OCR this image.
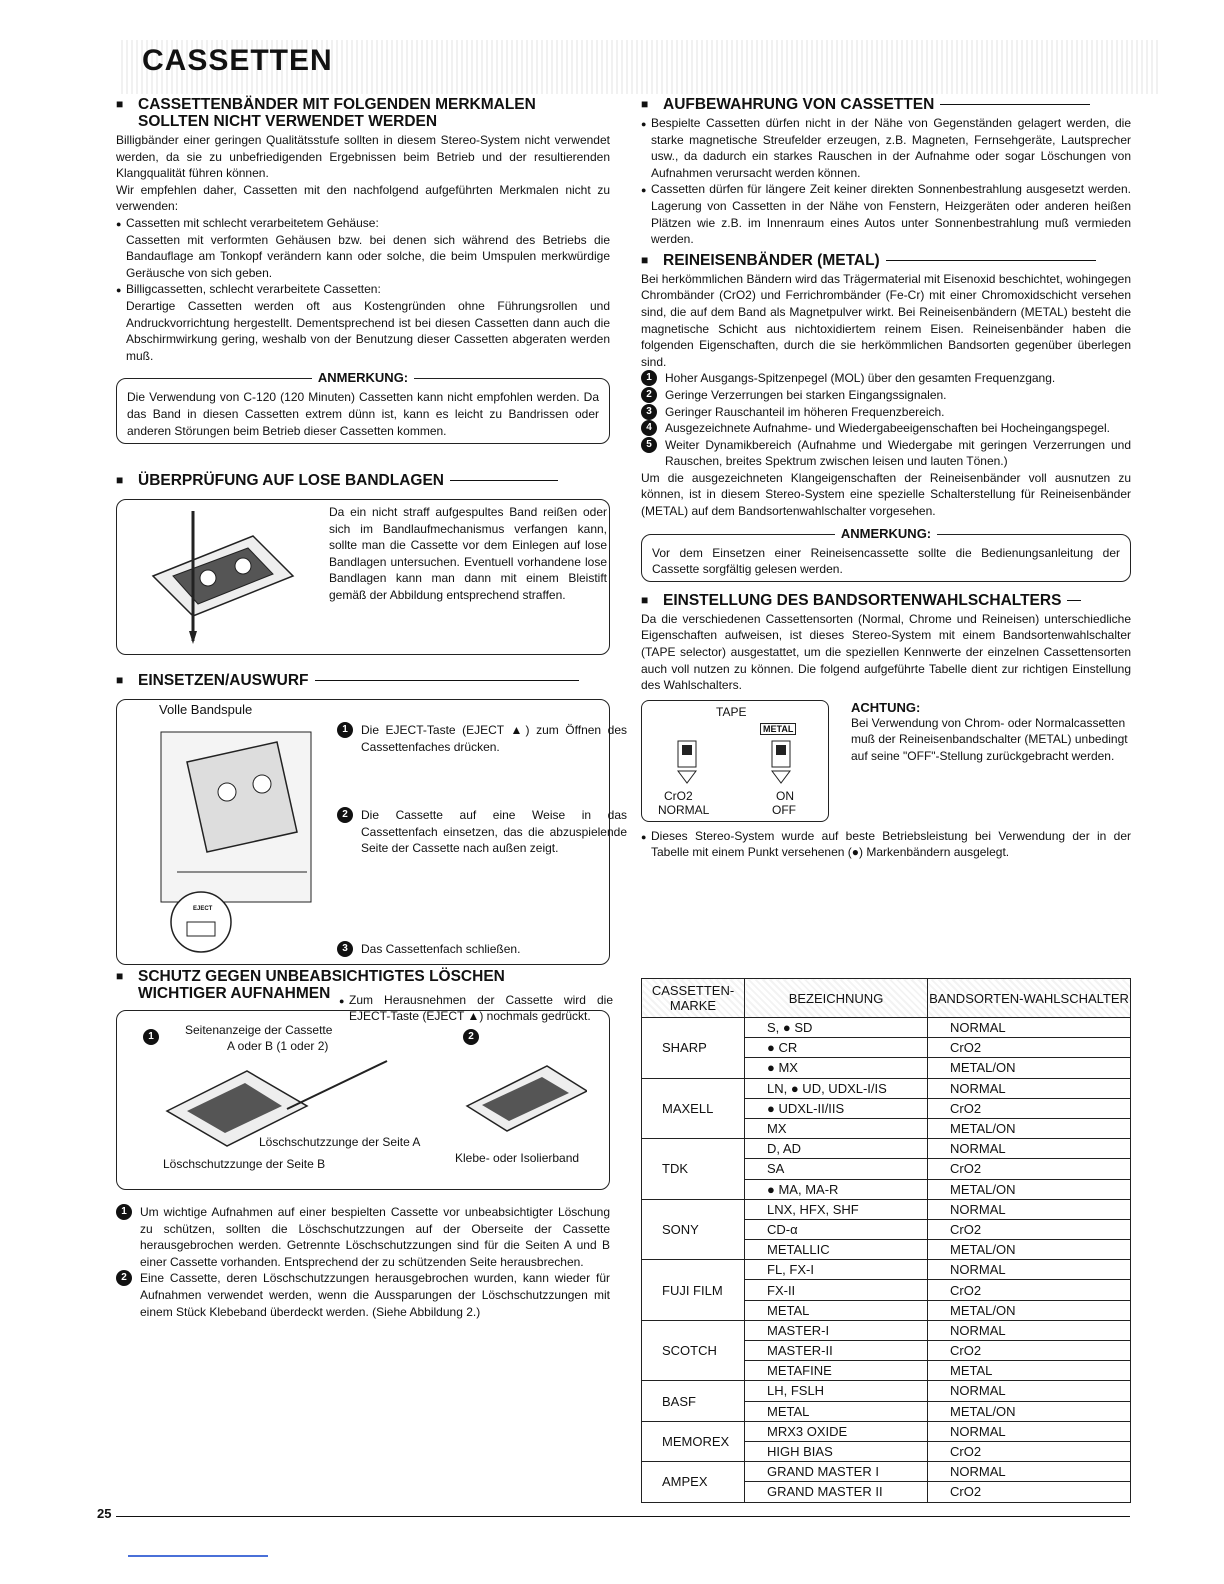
CASSETTEN
■ CASSETTENBÄNDER MIT FOLGENDEN MERKMALEN
SOLLTEN NICHT VERWENDET WERDEN
Billigbänder einer geringen Qualitätsstufe sollten in diesem Stereo-System nicht verwendet werden, da sie zu unbefriedigenden Ergebnissen beim Betrieb und der resultierenden Klangqualität führen können.
Wir empfehlen daher, Cassetten mit den nachfolgend aufgeführten Merkmalen nicht zu verwenden:
● Cassetten mit schlecht verarbeitetem Gehäuse:
Cassetten mit verformten Gehäusen bzw. bei denen sich während des Betriebs die Bandauflage am Tonkopf verändern kann oder solche, die beim Umspulen merkwürdige Geräusche von sich geben.
● Billigcassetten, schlecht verarbeitete Cassetten:
Derartige Cassetten werden oft aus Kostengründen ohne Führungsrollen und Andruckvorrichtung hergestellt. Dementsprechend ist bei diesen Cassetten dann auch die Abschirmwirkung gering, weshalb von der Benutzung dieser Cassetten abgeraten werden muß.
ANMERKUNG:
Die Verwendung von C-120 (120 Minuten) Cassetten kann nicht empfohlen werden. Da das Band in diesen Cassetten extrem dünn ist, kann es leicht zu Bandrissen oder anderen Störungen beim Betrieb dieser Cassetten kommen.
■ ÜBERPRÜFUNG AUF LOSE BANDLAGEN
Da ein nicht straff aufgespultes Band reißen oder sich im Bandlaufmechanismus verfangen kann, sollte man die Cassette vor dem Einlegen auf lose Bandlagen untersuchen. Eventuell vorhandene lose Bandlagen kann man dann mit einem Bleistift gemäß der Abbildung entsprechend straffen.
■ EINSETZEN/AUSWURF
Volle Bandspule
EJECT
1	Die EJECT-Taste (EJECT ▲) zum Öffnen des Cassettenfaches drücken.
2	Die Cassette auf eine Weise in das Cassettenfach einsetzen, das die abzuspielende Seite der Cassette nach außen zeigt.
3	Das Cassettenfach schließen.
● Zum Herausnehmen der Cassette wird die EJECT-Taste (EJECT ▲) nochmals gedrückt.
■ SCHUTZ GEGEN UNBEABSICHTIGTES LÖSCHEN
WICHTIGER AUFNAHMEN
1	2
Seitenanzeige der Cassette
A oder B (1 oder 2)
Löschschutzzunge der Seite A
Löschschutzzunge der Seite B	Klebe- oder Isolierband
1	Um wichtige Aufnahmen auf einer bespielten Cassette vor unbeabsichtigter Löschung zu schützen, sollten die Löschschutzzungen auf der Oberseite der Cassette herausgebrochen werden. Getrennte Löschschutzzungen sind für die Seiten A und B einer Cassette vorhanden. Entsprechend der zu schützenden Seite herausbrechen.
2	Eine Cassette, deren Löschschutzzungen herausgebrochen wurden, kann wieder für Aufnahmen verwendet werden, wenn die Aussparungen der Löschschutzzungen mit einem Stück Klebeband überdeckt werden. (Siehe Abbildung 2.)
■ AUFBEWAHRUNG VON CASSETTEN
● Bespielte Cassetten dürfen nicht in der Nähe von Gegenständen gelagert werden, die starke magnetische Streufelder erzeugen, z.B. Magneten, Fernsehgeräte, Lautsprecher usw., da dadurch ein starkes Rauschen in der Aufnahme oder sogar Löschungen von Aufnahmen verursacht werden können.
● Cassetten dürfen für längere Zeit keiner direkten Sonnenbestrahlung ausgesetzt werden. Lagerung von Cassetten in der Nähe von Fenstern, Heizgeräten oder anderen heißen Plätzen wie z.B. im Innenraum eines Autos unter Sonnenbestrahlung muß vermieden werden.
■ REINEISENBÄNDER (METAL)
Bei herkömmlichen Bändern wird das Trägermaterial mit Eisenoxid beschichtet, wohingegen Chrombänder (CrO2) und Ferrichrombänder (Fe-Cr) mit einer Chromoxidschicht versehen sind, die auf dem Band als Magnetpulver wirkt. Bei Reineisenbändern (METAL) besteht die magnetische Schicht aus nichtoxidiertem reinem Eisen. Reineisenbänder haben die folgenden Eigenschaften, durch die sie herkömmlichen Bandsorten gegenüber überlegen sind.
1	Hoher Ausgangs-Spitzenpegel (MOL) über den gesamten Frequenzgang.
2	Geringe Verzerrungen bei starken Eingangssignalen.
3	Geringer Rauschanteil im höheren Frequenzbereich.
4	Ausgezeichnete Aufnahme- und Wiedergabeeigenschaften bei Hocheingangspegel.
5	Weiter Dynamikbereich (Aufnahme und Wiedergabe mit geringen Verzerrungen und Rauschen, breites Spektrum zwischen leisen und lauten Tönen.)
Um die ausgezeichneten Klangeigenschaften der Reineisenbänder voll ausnutzen zu können, ist in diesem Stereo-System eine spezielle Schalterstellung für Reineisenbänder (METAL) auf dem Bandsortenwahlschalter vorgesehen.
ANMERKUNG:
Vor dem Einsetzen einer Reineisencassette sollte die Bedienungsanleitung der Cassette sorgfältig gelesen werden.
■ EINSTELLUNG DES BANDSORTENWAHLSCHALTERS
Da die verschiedenen Cassettensorten (Normal, Chrome und Reineisen) unterschiedliche Eigenschaften aufweisen, ist dieses Stereo-System mit einem Bandsortenwahlschalter (TAPE selector) ausgestattet, um die speziellen Kennwerte der einzelnen Cassettensorten auch voll nutzen zu können. Die folgend aufgeführte Tabelle dient zur richtigen Einstellung des Wahlschalters.
TAPE
METAL
CrO2
NORMAL
ON
OFF
ACHTUNG:
Bei Verwendung von Chrom- oder Normalcassetten muß der Reineisenbandschalter (METAL) unbedingt auf seine "OFF"-Stellung zurückgebracht werden.
● Dieses Stereo-System wurde auf beste Betriebsleistung bei Verwendung der in der Tabelle mit einem Punkt versehenen (●) Markenbändern ausgelegt.
CASSETTEN-MARKE	BEZEICHNUNG	BANDSORTEN-WAHLSCHALTER
SHARP	S, ● SD	NORMAL
	● CR	CrO2
	● MX	METAL/ON
MAXELL	LN, ● UD, UDXL-I/IS	NORMAL
	● UDXL-II/IIS	CrO2
	MX	METAL/ON
TDK	D, AD	NORMAL
	SA	CrO2
	● MA, MA-R	METAL/ON
SONY	LNX, HFX, SHF	NORMAL
	CD-α	CrO2
	METALLIC	METAL/ON
FUJI FILM	FL, FX-I	NORMAL
	FX-II	CrO2
	METAL	METAL/ON
SCOTCH	MASTER-I	NORMAL
	MASTER-II	CrO2
	METAFINE	METAL
BASF	LH, FSLH	NORMAL
	METAL	METAL/ON
MEMOREX	MRX3 OXIDE	NORMAL
	HIGH BIAS	CrO2
AMPEX	GRAND MASTER I	NORMAL
	GRAND MASTER II	CrO2
25
